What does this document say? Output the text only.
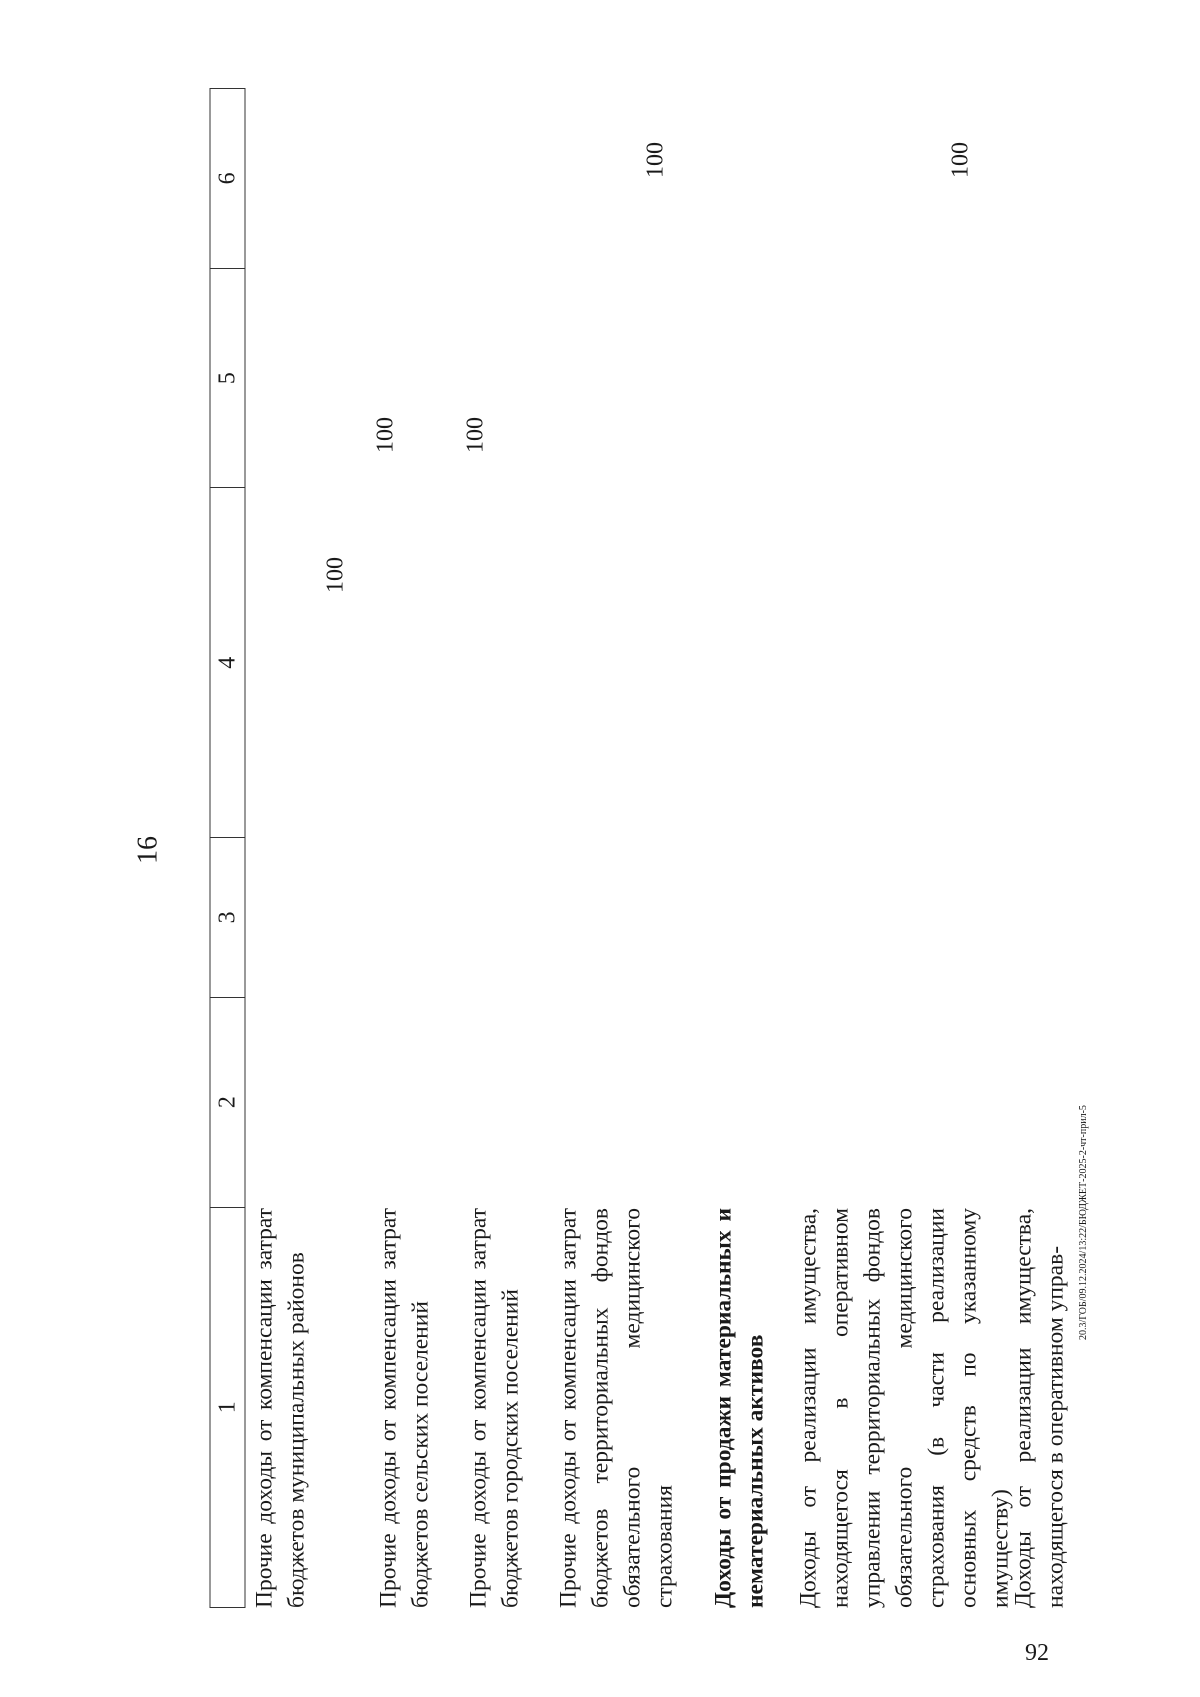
16
1
2
3
4
5
6
Прочие доходы от компенсации затрат бюджетов муниципальных районов
100
Прочие доходы от компенсации затрат бюджетов сельских поселений
100
Прочие доходы от компенсации затрат бюджетов городских поселений
100
Прочие доходы от компенсации затрат бюджетов территориальных фондов обязательного медицинского страхования
100
Доходы от продажи материальных и нематериальных активов Доходы от реализации имущества, находящегося в оперативном управлении территориальных фондов обязательного медицинского страхования (в части реализации основных средств по указанному имуществу)
100
Доходы от реализации имущества, находящегося в оперативном управ-
20.3/ГОБ/09.12.2024/13:22/БЮДЖЕТ-2025-2-чт-прил-5
92
